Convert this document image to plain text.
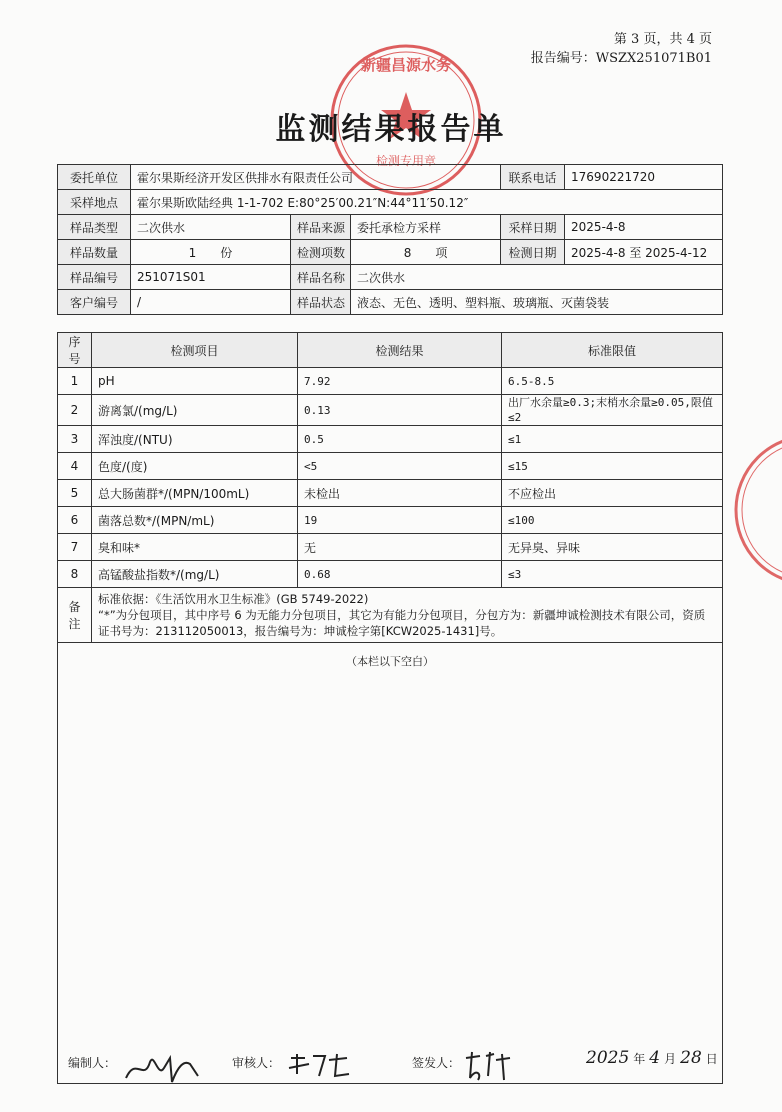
第 3 页，共 4 页
报告编号：WSZX251071B01
新疆昌源水务
检测专用章
监测结果报告单
委托单位	霍尔果斯经济开发区供排水有限责任公司			联系电话	17690221720
采样地点	霍尔果斯欧陆经典 1-1-702 E:80°25′00.21″N:44°11′50.12″				
样品类型	二次供水	样品来源	委托承检方采样	采样日期	2025-4-8
样品数量	1　　份	检测项数	8　　项	检测日期	2025-4-8 至 2025-4-12
样品编号	251071S01	样品名称	二次供水		
客户编号	/	样品状态	液态、无色、透明、塑料瓶、玻璃瓶、灭菌袋装		
序号	检测项目	检测结果	标准限值
1	pH	7.92	6.5-8.5
2	游离氯/(mg/L)	0.13	出厂水余量≥0.3;末梢水余量≥0.05,限值≤2
3	浑浊度/(NTU)	0.5	≤1
4	色度/(度)	<5	≤15
5	总大肠菌群*/(MPN/100mL)	未检出	不应检出
6	菌落总数*/(MPN/mL)	19	≤100
7	臭和味*	无	无异臭、异味
8	高锰酸盐指数*/(mg/L)	0.68	≤3
备注	标准依据：《生活饮用水卫生标准》(GB 5749-2022)
“*”为分包项目，其中序号 6 为无能力分包项目，其它为有能力分包项目，分包方为：新疆坤诚检测技术有限公司，资质证书号为：213112050013，报告编号为：坤诚检字第[KCW2025-1431]号。		

（本栏以下空白）			
编制人：	审核人：	签发人：	2025 年 4 月 28 日
